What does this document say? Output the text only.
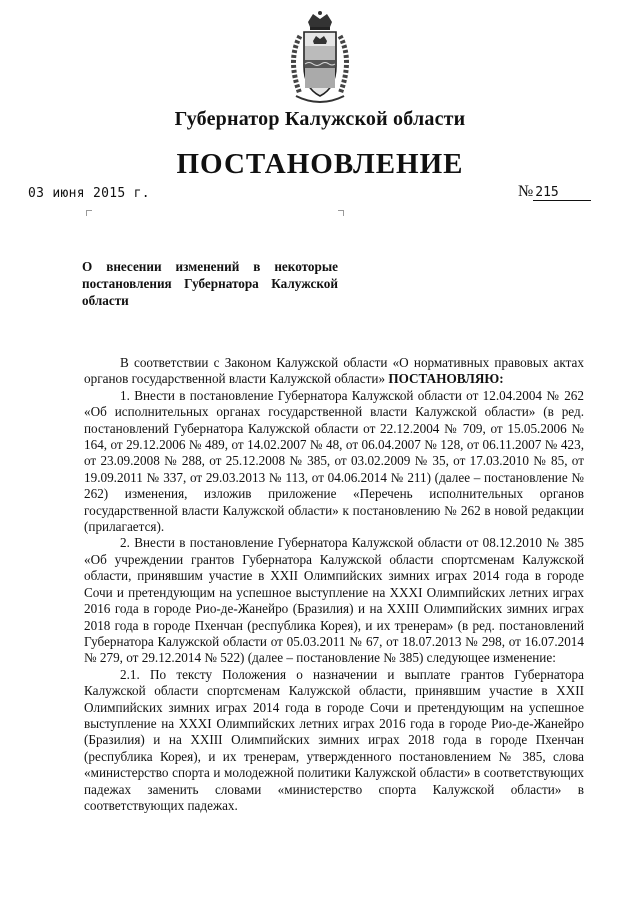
Губернатор Калужской области
ПОСТАНОВЛЕНИЕ
03 июня 2015 г.	№ 215
О внесении изменений в некоторые постановления Губернатора Калужской области

В соответствии с Законом Калужской области «О нормативных правовых актах органов государственной власти Калужской области» ПОСТАНОВЛЯЮ:

1. Внести в постановление Губернатора Калужской области от 12.04.2004 № 262 «Об исполнительных органах государственной власти Калужской области» (в ред. постановлений Губернатора Калужской области от 22.12.2004 № 709, от 15.05.2006 № 164, от 29.12.2006 № 489, от 14.02.2007 № 48, от 06.04.2007 № 128, от 06.11.2007 № 423, от 23.09.2008 № 288, от 25.12.2008 № 385, от 03.02.2009 № 35, от 17.03.2010 № 85, от 19.09.2011 № 337, от 29.03.2013 № 113, от 04.06.2014 № 211) (далее – постановление № 262) изменения, изложив приложение «Перечень исполнительных органов государственной власти Калужской области» к постановлению № 262 в новой редакции (прилагается).

2. Внести в постановление Губернатора Калужской области от 08.12.2010 № 385 «Об учреждении грантов Губернатора Калужской области спортсменам Калужской области, принявшим участие в XXII Олимпийских зимних играх 2014 года в городе Сочи и претендующим на успешное выступление на XXXI Олимпийских летних играх 2016 года в городе Рио-де-Жанейро (Бразилия) и на XXIII Олимпийских зимних играх 2018 года в городе Пхенчан (республика Корея), и их тренерам» (в ред. постановлений Губернатора Калужской области от 05.03.2011 № 67, от 18.07.2013 № 298, от 16.07.2014 № 279, от 29.12.2014 № 522) (далее – постановление № 385) следующее изменение:

2.1. По тексту Положения о назначении и выплате грантов Губернатора Калужской области спортсменам Калужской области, принявшим участие в XXII Олимпийских зимних играх 2014 года в городе Сочи и претендующим на успешное выступление на XXXI Олимпийских летних играх 2016 года в городе Рио-де-Жанейро (Бразилия) и на XXIII Олимпийских зимних играх 2018 года в городе Пхенчан (республика Корея), и их тренерам, утвержденного постановлением № 385, слова «министерство спорта и молодежной политики Калужской области» в соответствующих падежах заменить словами «министерство спорта Калужской области» в соответствующих падежах.
